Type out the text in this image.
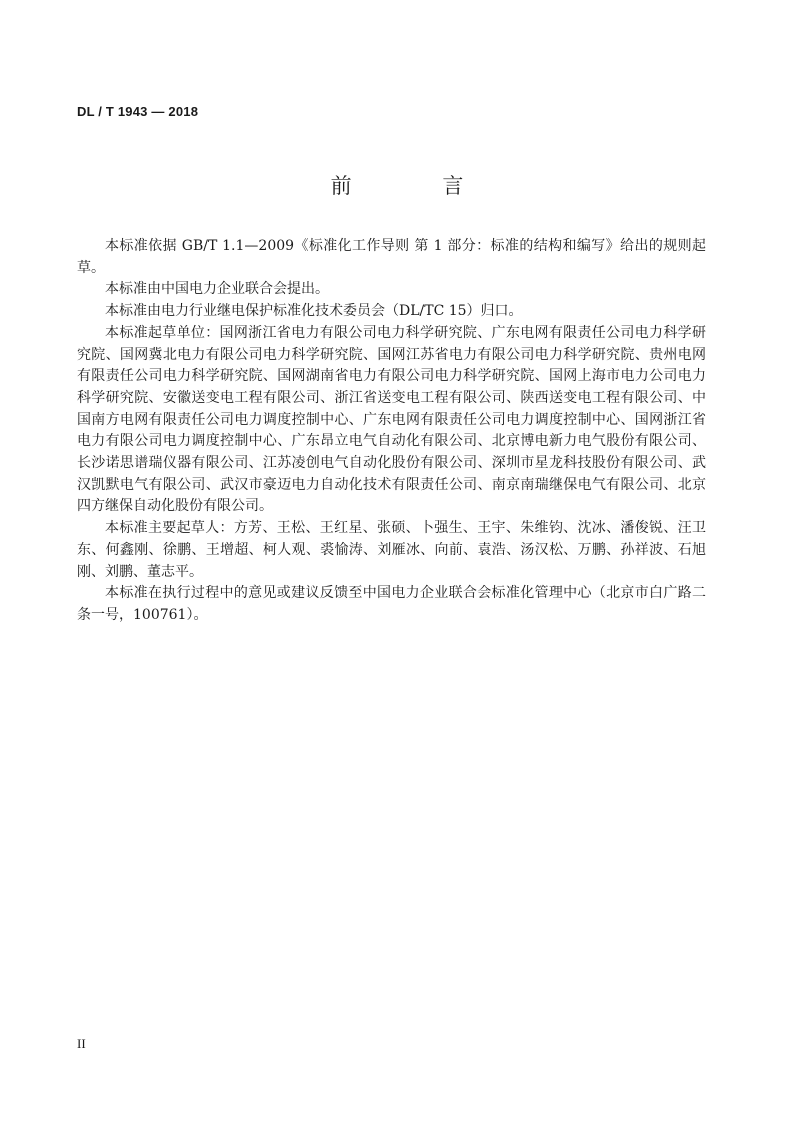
DL / T 1943 — 2018
前 言

本标准依据 GB/T 1.1—2009《标准化工作导则 第 1 部分：标准的结构和编写》给出的规则起草。

本标准由中国电力企业联合会提出。

本标准由电力行业继电保护标准化技术委员会（DL/TC 15）归口。

本标准起草单位：国网浙江省电力有限公司电力科学研究院、广东电网有限责任公司电力科学研究院、国网冀北电力有限公司电力科学研究院、国网江苏省电力有限公司电力科学研究院、贵州电网有限责任公司电力科学研究院、国网湖南省电力有限公司电力科学研究院、国网上海市电力公司电力科学研究院、安徽送变电工程有限公司、浙江省送变电工程有限公司、陕西送变电工程有限公司、中国南方电网有限责任公司电力调度控制中心、广东电网有限责任公司电力调度控制中心、国网浙江省电力有限公司电力调度控制中心、广东昂立电气自动化有限公司、北京博电新力电气股份有限公司、长沙诺思谱瑞仪器有限公司、江苏凌创电气自动化股份有限公司、深圳市星龙科技股份有限公司、武汉凯默电气有限公司、武汉市豪迈电力自动化技术有限责任公司、南京南瑞继保电气有限公司、北京四方继保自动化股份有限公司。

本标准主要起草人：方芳、王松、王红星、张硕、卜强生、王宇、朱维钧、沈冰、潘俊锐、汪卫东、何鑫刚、徐鹏、王增超、柯人观、裘愉涛、刘雁冰、向前、袁浩、汤汉松、万鹏、孙祥波、石旭刚、刘鹏、董志平。

本标准在执行过程中的意见或建议反馈至中国电力企业联合会标准化管理中心（北京市白广路二条一号，100761）。

II
